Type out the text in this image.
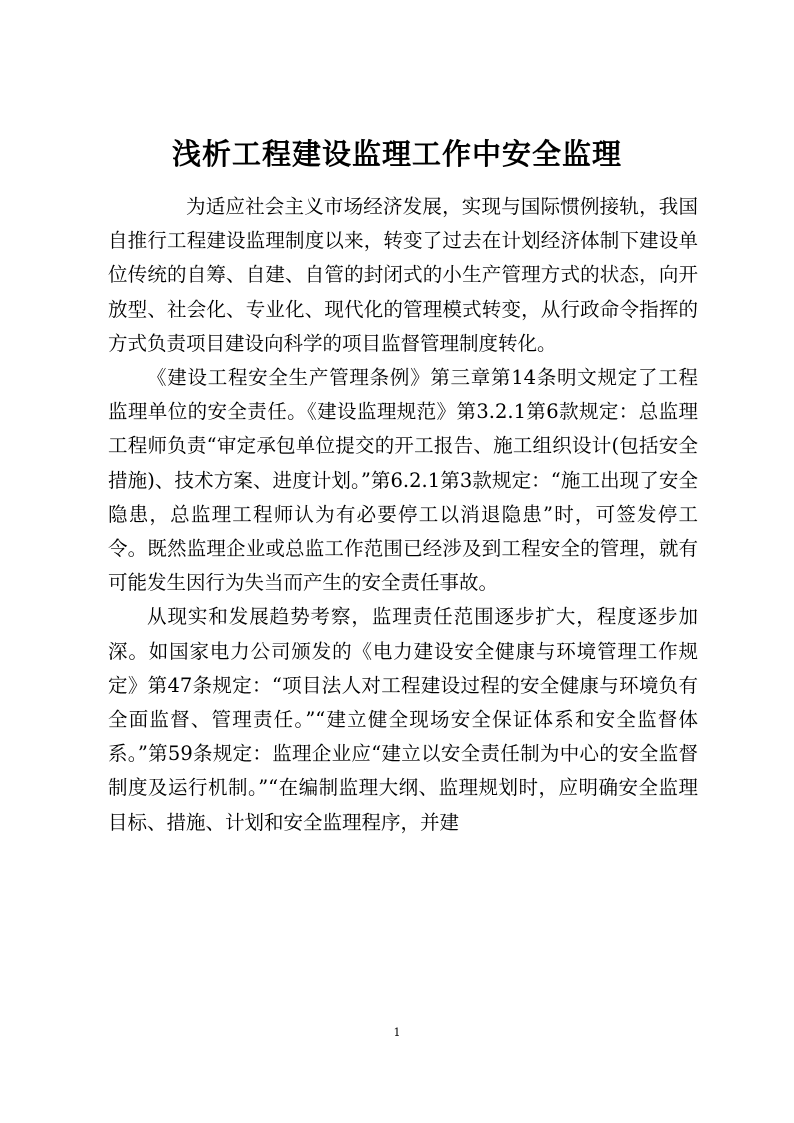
浅析工程建设监理工作中安全监理

为适应社会主义市场经济发展，实现与国际惯例接轨，我国自推行工程建设监理制度以来，转变了过去在计划经济体制下建设单位传统的自筹、自建、自管的封闭式的小生产管理方式的状态，向开放型、社会化、专业化、现代化的管理模式转变，从行政命令指挥的方式负责项目建设向科学的项目监督管理制度转化。

《建设工程安全生产管理条例》第三章第14条明文规定了工程监理单位的安全责任。《建设监理规范》第3.2.1第6款规定：总监理工程师负责“审定承包单位提交的开工报告、施工组织设计(包括安全措施)、技术方案、进度计划。”第6.2.1第3款规定：“施工出现了安全隐患，总监理工程师认为有必要停工以消退隐患”时，可签发停工令。既然监理企业或总监工作范围已经涉及到工程安全的管理，就有可能发生因行为失当而产生的安全责任事故。

从现实和发展趋势考察，监理责任范围逐步扩大，程度逐步加深。如国家电力公司颁发的《电力建设安全健康与环境管理工作规定》第47条规定：“项目法人对工程建设过程的安全健康与环境负有全面监督、管理责任。”“建立健全现场安全保证体系和安全监督体系。”第59条规定：监理企业应“建立以安全责任制为中心的安全监督制度及运行机制。”“在编制监理大纲、监理规划时，应明确安全监理目标、措施、计划和安全监理程序，并建

1
